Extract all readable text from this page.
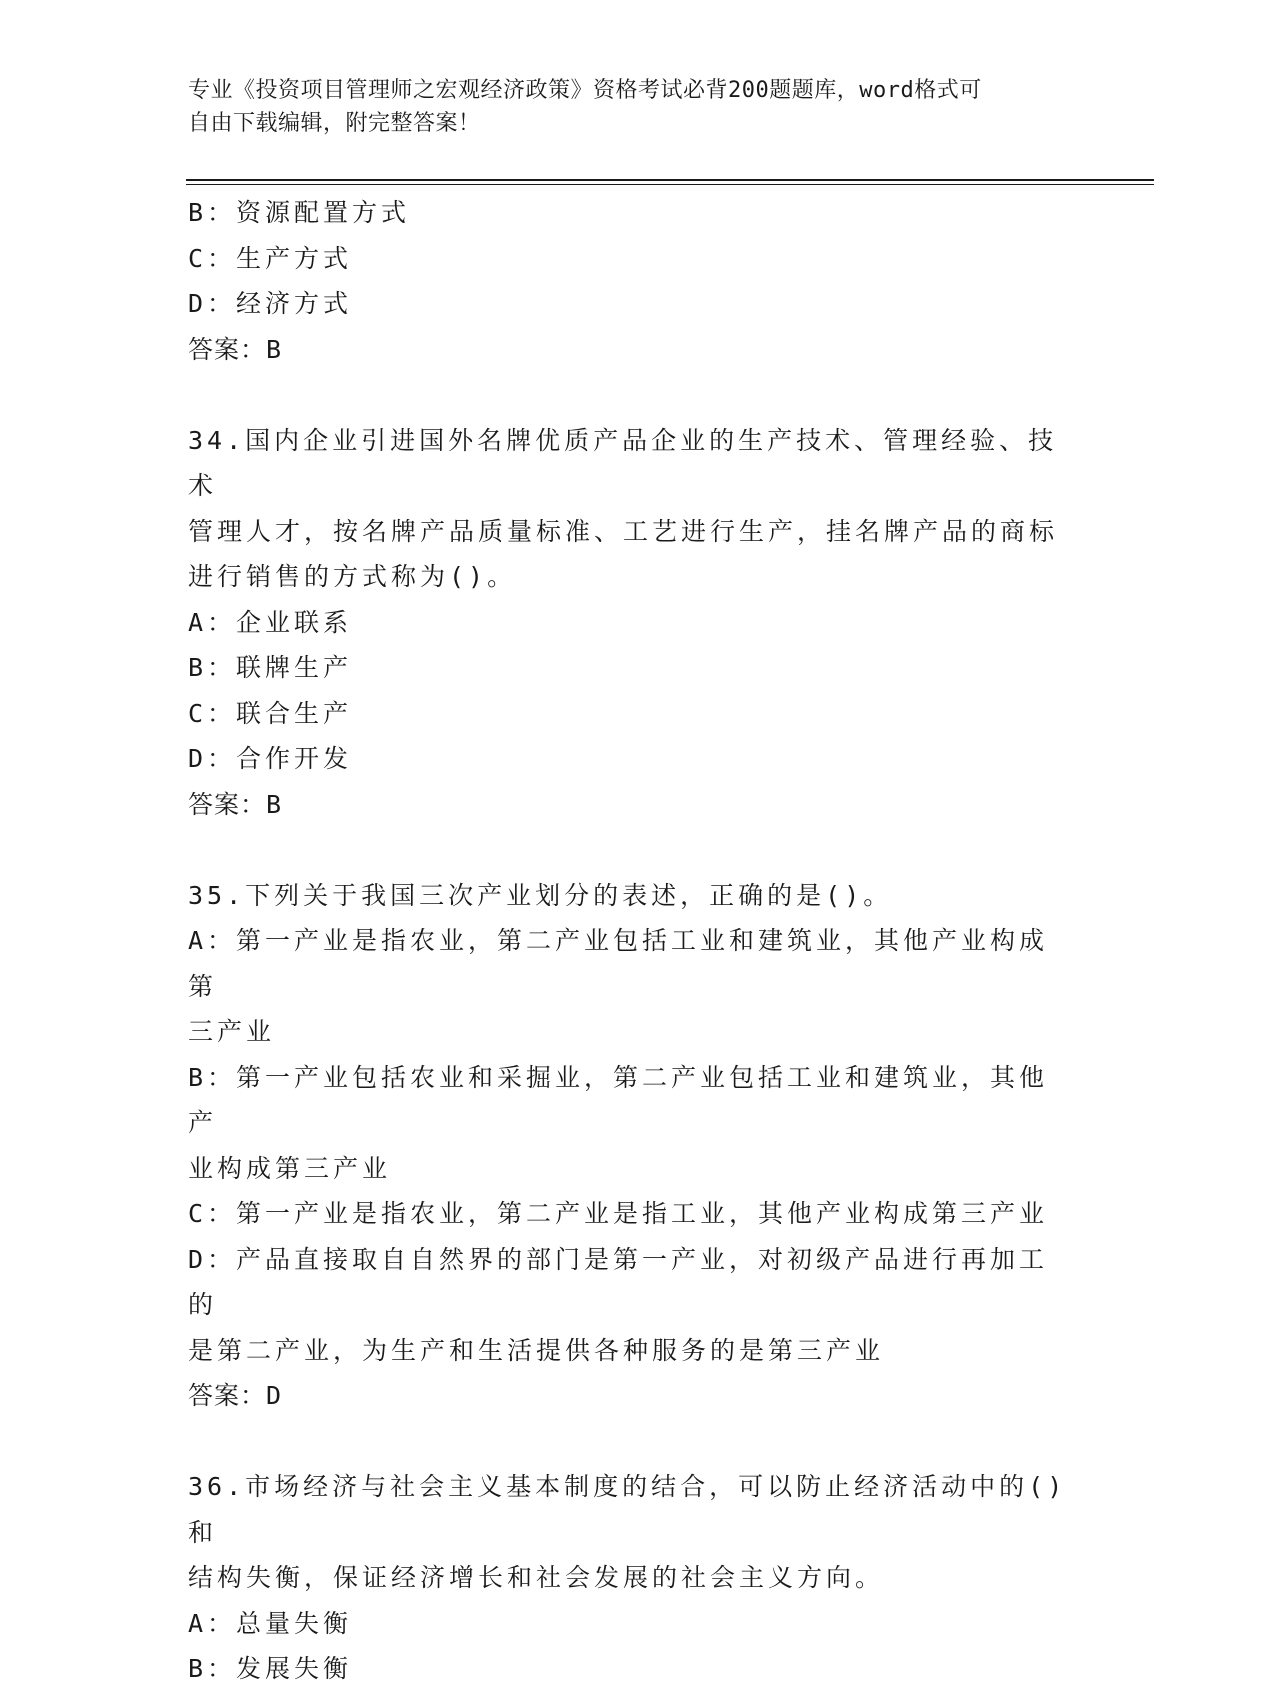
专业《投资项目管理师之宏观经济政策》资格考试必背200题题库，word格式可
自由下载编辑，附完整答案！
B：资源配置方式
C：生产方式
D：经济方式
答案：B
34.国内企业引进国外名牌优质产品企业的生产技术、管理经验、技术
管理人才，按名牌产品质量标准、工艺进行生产，挂名牌产品的商标
进行销售的方式称为()。
A：企业联系
B：联牌生产
C：联合生产
D：合作开发
答案：B
35.下列关于我国三次产业划分的表述，正确的是()。
A：第一产业是指农业，第二产业包括工业和建筑业，其他产业构成第
三产业
B：第一产业包括农业和采掘业，第二产业包括工业和建筑业，其他产
业构成第三产业
C：第一产业是指农业，第二产业是指工业，其他产业构成第三产业
D：产品直接取自自然界的部门是第一产业，对初级产品进行再加工的
是第二产业，为生产和生活提供各种服务的是第三产业
答案：D
36.市场经济与社会主义基本制度的结合，可以防止经济活动中的()和
结构失衡，保证经济增长和社会发展的社会主义方向。
A：总量失衡
B：发展失衡
